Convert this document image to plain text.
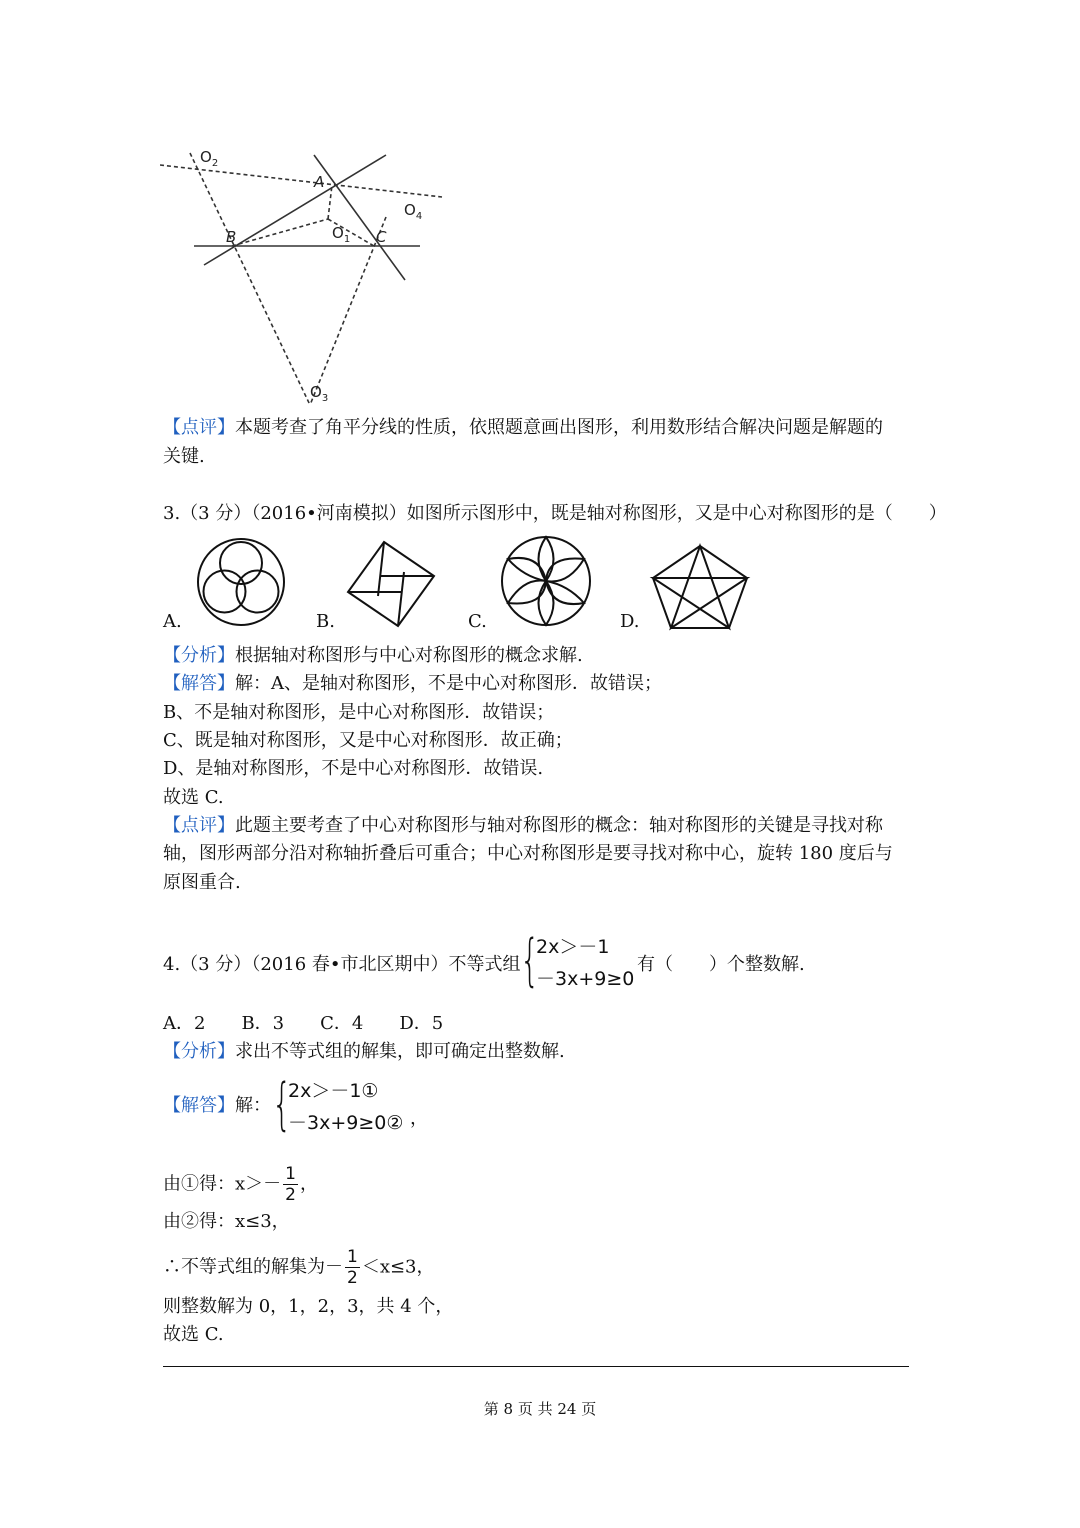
$O_2$
A
$O_4$
B	$O_1$ C
$O_3$
【点评】本题考查了角平分线的性质，依照题意画出图形，利用数形结合解决问题是解题的
关键.
3.（3 分）（2016•河南模拟）如图所示图形中，既是轴对称图形，又是中心对称图形的是（　　）
A.	B.	C.	D.
【分析】根据轴对称图形与中心对称图形的概念求解.
【解答】解：A、是轴对称图形，不是中心对称图形．故错误；
B、不是轴对称图形，是中心对称图形．故错误；
C、既是轴对称图形，又是中心对称图形．故正确；
D、是轴对称图形，不是中心对称图形．故错误.
故选 C.
【点评】此题主要考查了中心对称图形与轴对称图形的概念：轴对称图形的关键是寻找对称
轴，图形两部分沿对称轴折叠后可重合；中心对称图形是要寻找对称中心，旋转 180 度后与
原图重合.
4.（3 分）（2016 春•市北区期中）不等式组 {
2x＞－1
－3x+9≥0
有（　　）个整数解.
A．2　　B．3　　C．4　　D．5
【分析】求出不等式组的解集，即可确定出整数解.
【解答】解： {
2x＞－1①
－3x+9≥0② ，
由①得：$x>- \frac{1}{2}$ ，
由②得：x≤3，
∴不等式组的解集为－ $\frac{1}{2} <x\le 3$，
则整数解为 0，1，2，3，共 4 个，
故选 C.
第 8 页 共 24 页
